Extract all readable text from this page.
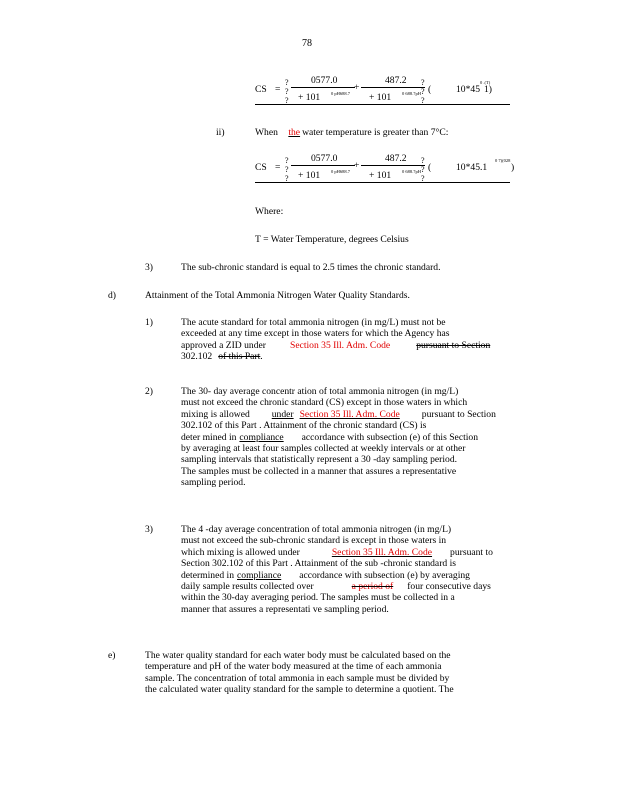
78
CS =
?
?
?
0577.0
+ 101 0 pH688.7
+
487.2
+ 101 0 688.7pH
?
?
?
(	10*45
0 .(T)
1)
ii)	When the water temperature is greater than 7°C:
CS =
?
?
?
0577.0
+ 101 0 pH688.7
+
487.2
+ 101 0 688.7pH
?
?
?
(	10*45.1
0 7)(028
)
Where:
T = Water Temperature, degrees Celsius
3)	The sub-chronic standard is equal to 2.5 times the chronic standard.
d)	Attainment of the Total Ammonia Nitrogen Water Quality Standards.
1)	The acute standard for total ammonia nitrogen (in mg/L) must not be
exceeded at any time except in those waters for which the Agency has
approved a ZID under	Section 35 Ill. Adm. Code	pursuant to Section
302.102 of this Part.
2)	The 30- day average concentr ation of total ammonia nitrogen (in mg/L)
must not exceed the chronic standard (CS) except in those waters in which
mixing is allowed under Section 35 Ill. Adm. Code pursuant to Section
302.102 of this Part . Attainment of the chronic standard (CS) is
deter mined in compliance accordance with subsection (e) of this Section
by averaging at least four samples collected at weekly intervals or at other
sampling intervals that statistically represent a 30 -day sampling period.
The samples must be collected in a manner that assures a representative
sampling period.
3)	The 4 -day average concentration of total ammonia nitrogen (in mg/L)
must not exceed the sub-chronic standard is except in those waters in
which mixing is allowed under	Section 35 Ill. Adm. Code pursuant to
Section 302.102 of this Part . Attainment of the sub -chronic standard is
determined in compliance accordance with subsection (e) by averaging
daily sample results collected over	a period of four consecutive days
within the 30-day averaging period. The samples must be collected in a
manner that assures a representati ve sampling period.
e)	The water quality standard for each water body must be calculated based on the
temperature and pH of the water body measured at the time of each ammonia
sample. The concentration of total ammonia in each sample must be divided by
the calculated water quality standard for the sample to determine a quotient. The
